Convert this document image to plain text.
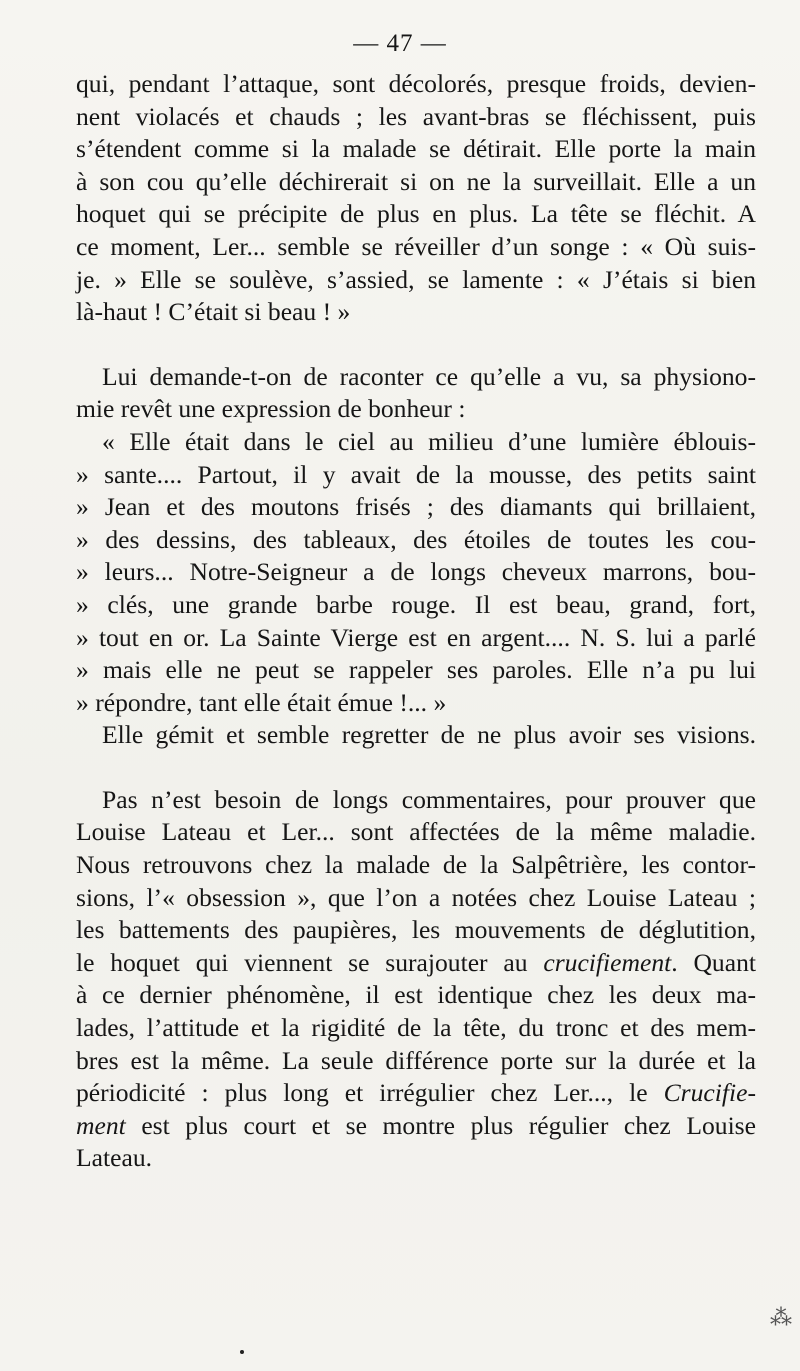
— 47 —
qui, pendant l’attaque, sont décolorés, presque froids, devien-
nent violacés et chauds ; les avant-bras se fléchissent, puis
s’étendent comme si la malade se détirait. Elle porte la main
à son cou qu’elle déchirerait si on ne la surveillait. Elle a un
hoquet qui se précipite de plus en plus. La tête se fléchit. A
ce moment, Ler... semble se réveiller d’un songe : « Où suis-
je. » Elle se soulève, s’assied, se lamente : « J’étais si bien
là-haut ! C’était si beau ! »
Lui demande-t-on de raconter ce qu’elle a vu, sa physiono-
mie revêt une expression de bonheur :
« Elle était dans le ciel au milieu d’une lumière éblouis-
» sante.... Partout, il y avait de la mousse, des petits saint
» Jean et des moutons frisés ; des diamants qui brillaient,
» des dessins, des tableaux, des étoiles de toutes les cou-
» leurs... Notre-Seigneur a de longs cheveux marrons, bou-
» clés, une grande barbe rouge. Il est beau, grand, fort,
» tout en or. La Sainte Vierge est en argent.... N. S. lui a parlé
» mais elle ne peut se rappeler ses paroles. Elle n’a pu lui
» répondre, tant elle était émue !... »
Elle gémit et semble regretter de ne plus avoir ses visions.
Pas n’est besoin de longs commentaires, pour prouver que
Louise Lateau et Ler... sont affectées de la même maladie.
Nous retrouvons chez la malade de la Salpêtrière, les contor-
sions, l’« obsession », que l’on a notées chez Louise Lateau ;
les battements des paupières, les mouvements de déglutition,
le hoquet qui viennent se surajouter au crucifiement. Quant
à ce dernier phénomène, il est identique chez les deux ma-
lades, l’attitude et la rigidité de la tête, du tronc et des mem-
bres est la même. La seule différence porte sur la durée et la
périodicité : plus long et irrégulier chez Ler..., le Crucifie-
ment est plus court et se montre plus régulier chez Louise
Lateau.
⁂
